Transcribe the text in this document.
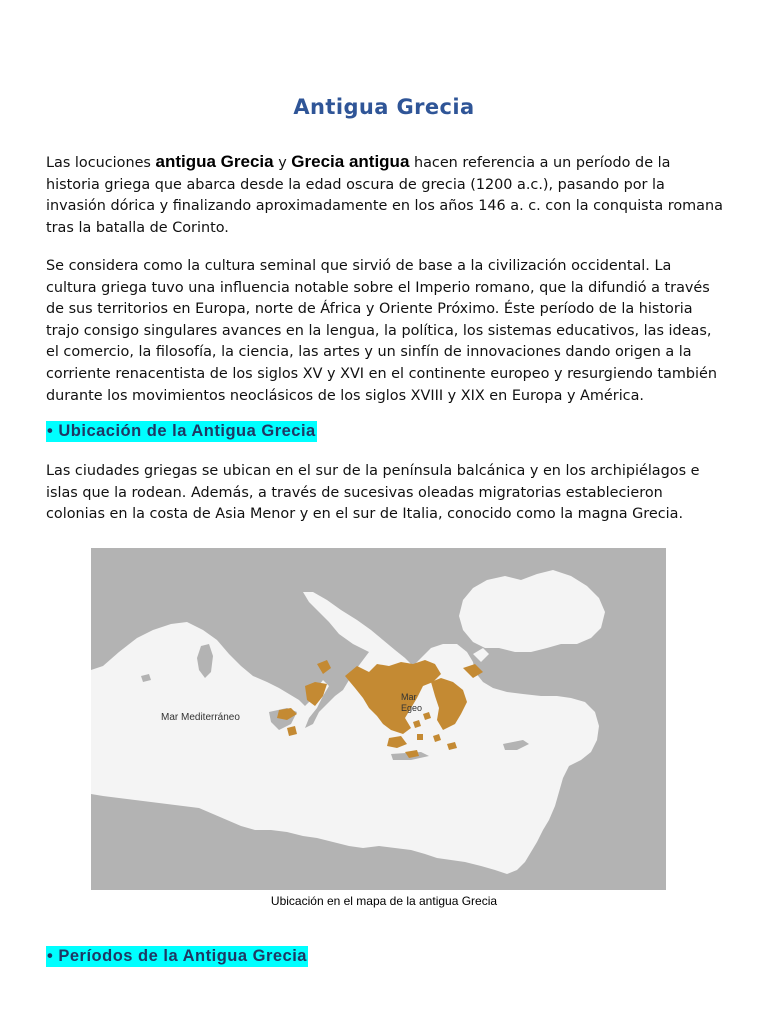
Antigua Grecia

Las locuciones antigua Grecia y Grecia antigua hacen referencia a un período de la historia griega que abarca desde la edad oscura de grecia (1200 a.c.), pasando por la invasión dórica y finalizando aproximadamente en los años 146 a. c. con la conquista romana tras la batalla de Corinto.

Se considera como la cultura seminal que sirvió de base a la civilización occidental. La cultura griega tuvo una influencia notable sobre el Imperio romano, que la difundió a través de sus territorios en Europa, norte de África y Oriente Próximo. Éste período de la historia trajo consigo singulares avances en la lengua, la política, los sistemas educativos, las ideas, el comercio, la filosofía, la ciencia, las artes y un sinfín de innovaciones dando origen a la corriente renacentista de los siglos XV y XVI en el continente europeo y resurgiendo también durante los movimientos neoclásicos de los siglos XVIII y XIX en Europa y América.

• Ubicación de la Antigua Grecia

Las ciudades griegas se ubican en el sur de la península balcánica y en los archipiélagos e islas que la rodean. Además, a través de sucesivas oleadas migratorias establecieron colonias en la costa de Asia Menor y en el sur de Italia, conocido como la magna Grecia.

Mar Mediterráneo
Mar
Egeo
Ubicación en el mapa de la antigua Grecia
• Períodos de la Antigua Grecia
